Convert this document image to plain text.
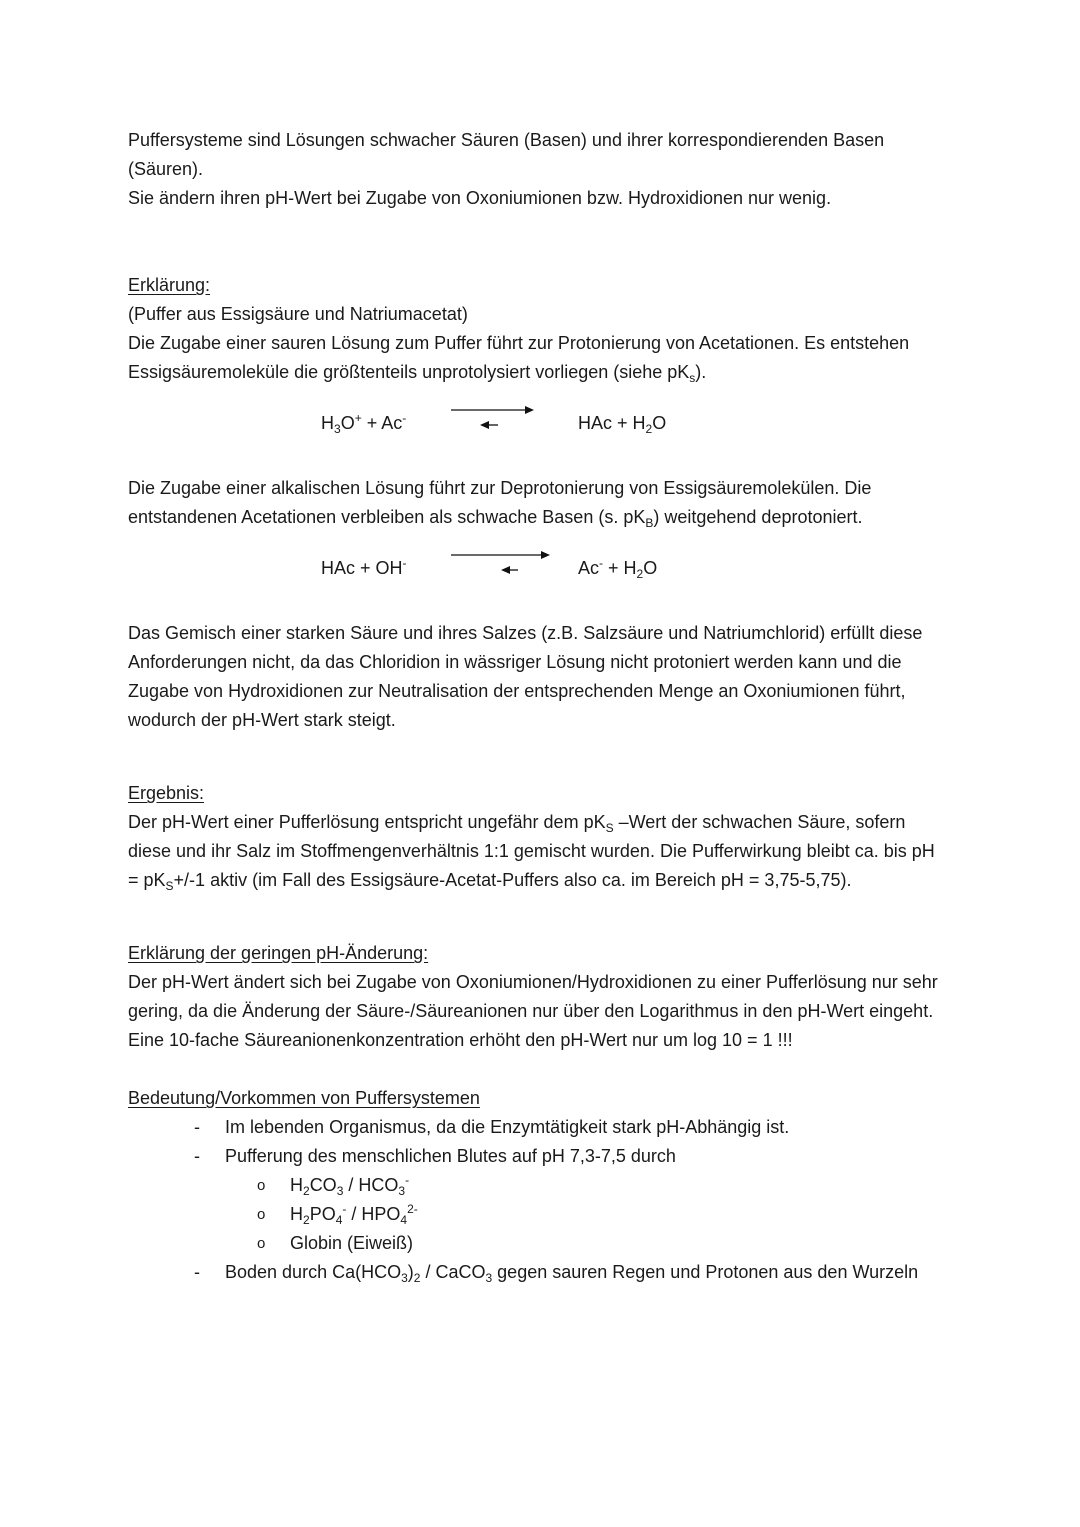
Puffersysteme sind Lösungen schwacher Säuren (Basen) und ihrer korrespondierenden Basen (Säuren).

Sie ändern ihren pH-Wert bei Zugabe von Oxoniumionen bzw. Hydroxidionen nur wenig.

Erklärung:

(Puffer aus Essigsäure und Natriumacetat)

Die Zugabe einer sauren Lösung zum Puffer führt zur Protonierung von Acetationen. Es entstehen Essigsäuremoleküle die größtenteils unprotolysiert vorliegen (siehe $pK_s$).

$H_3O^+ + Ac^-$	HAc + $H_2O$

Die Zugabe einer alkalischen Lösung führt zur Deprotonierung von Essigsäuremolekülen. Die entstandenen Acetationen verbleiben als schwache Basen (s. $pK_B$) weitgehend deprotoniert.

HAc + OH-	$Ac^- + H_2O$

Das Gemisch einer starken Säure und ihres Salzes (z.B. Salzsäure und Natriumchlorid) erfüllt diese Anforderungen nicht, da das Chloridion in wässriger Lösung nicht protoniert werden kann und die Zugabe von Hydroxidionen zur Neutralisation der entsprechenden Menge an Oxoniumionen führt, wodurch der pH-Wert stark steigt.

Ergebnis:

Der pH-Wert einer Pufferlösung entspricht ungefähr dem $pK_S$ –Wert der schwachen Säure, sofern diese und ihr Salz im Stoffmengenverhältnis 1:1 gemischt wurden. Die Pufferwirkung bleibt ca. bis pH = $pK_S+/-1$ aktiv (im Fall des Essigsäure-Acetat-Puffers also ca. im Bereich pH = 3,75-5,75).

Erklärung der geringen pH-Änderung:

Der pH-Wert ändert sich bei Zugabe von Oxoniumionen/Hydroxidionen zu einer Pufferlösung nur sehr gering, da die Änderung der Säure-/Säureanionen nur über den Logarithmus in den pH-Wert eingeht.

Eine 10-fache Säureanionenkonzentration erhöht den pH-Wert nur um log 10 = 1 !!!

Bedeutung/Vorkommen von Puffersystemen

- Im lebenden Organismus, da die Enzymtätigkeit stark pH-Abhängig ist.
- Pufferung des menschlichen Blutes auf pH 7,3-7,5 durch
o $H_2CO_3 / HCO_3^-$
o $H_2PO_4^- / HPO_4^{2-}$
o Globin (Eiweiß)
- Boden durch $Ca(HCO_3)_2$ / CaCO$_3$ gegen sauren Regen und Protonen aus den Wurzeln
